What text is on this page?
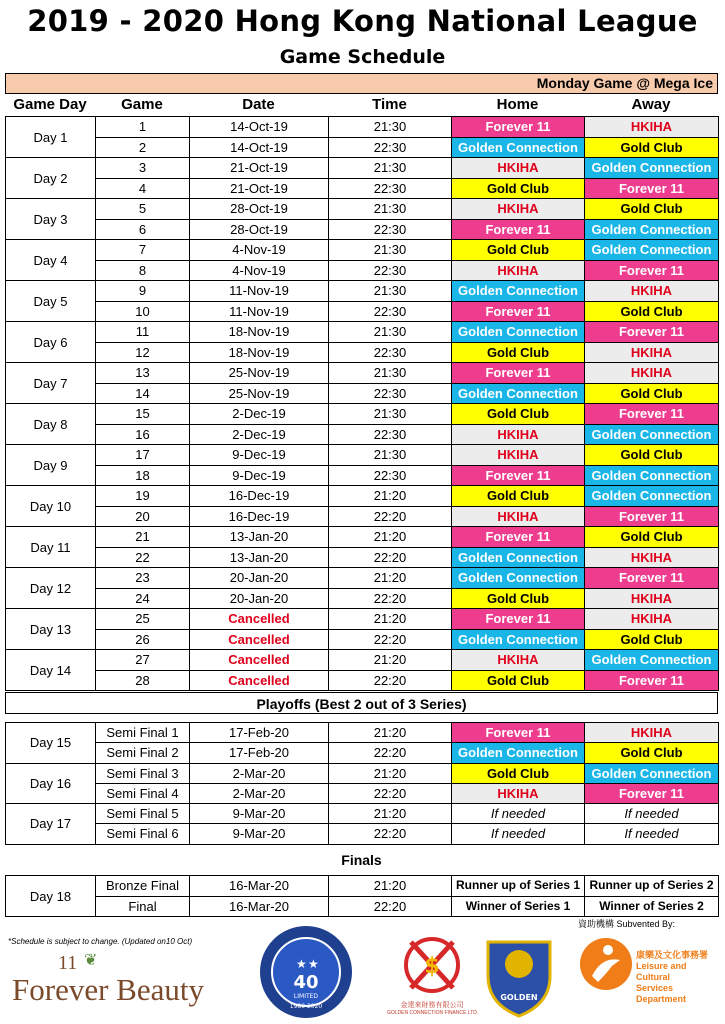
2019 - 2020 Hong Kong National League
Game Schedule
Monday Game @ Mega Ice
Game Day	Game	Date	Time	Home	Away
Day 1	1	14-Oct-19	21:30	Forever 11	HKIHA
	2	14-Oct-19	22:30	Golden Connection	Gold Club
Day 2	3	21-Oct-19	21:30	HKIHA	Golden Connection
	4	21-Oct-19	22:30	Gold Club	Forever 11
Day 3	5	28-Oct-19	21:30	HKIHA	Gold Club
	6	28-Oct-19	22:30	Forever 11	Golden Connection
Day 4	7	4-Nov-19	21:30	Gold Club	Golden Connection
	8	4-Nov-19	22:30	HKIHA	Forever 11
Day 5	9	11-Nov-19	21:30	Golden Connection	HKIHA
	10	11-Nov-19	22:30	Forever 11	Gold Club
Day 6	11	18-Nov-19	21:30	Golden Connection	Forever 11
	12	18-Nov-19	22:30	Gold Club	HKIHA
Day 7	13	25-Nov-19	21:30	Forever 11	HKIHA
	14	25-Nov-19	22:30	Golden Connection	Gold Club
Day 8	15	2-Dec-19	21:30	Gold Club	Forever 11
	16	2-Dec-19	22:30	HKIHA	Golden Connection
Day 9	17	9-Dec-19	21:30	HKIHA	Gold Club
	18	9-Dec-19	22:30	Forever 11	Golden Connection
Day 10	19	16-Dec-19	21:20	Gold Club	Golden Connection
	20	16-Dec-19	22:20	HKIHA	Forever 11
Day 11	21	13-Jan-20	21:20	Forever 11	Gold Club
	22	13-Jan-20	22:20	Golden Connection	HKIHA
Day 12	23	20-Jan-20	21:20	Golden Connection	Forever 11
	24	20-Jan-20	22:20	Gold Club	HKIHA
Day 13	25	Cancelled	21:20	Forever 11	HKIHA
	26	Cancelled	22:20	Golden Connection	Gold Club
Day 14	27	Cancelled	21:20	HKIHA	Golden Connection
	28	Cancelled	22:20	Gold Club	Forever 11
Playoffs (Best 2 out of 3 Series)
Day 15	Semi Final 1	17-Feb-20	21:20	Forever 11	HKIHA
	Semi Final 2	17-Feb-20	22:20	Golden Connection	Gold Club
Day 16	Semi Final 3	2-Mar-20	21:20	Gold Club	Golden Connection
	Semi Final 4	2-Mar-20	22:20	HKIHA	Forever 11
Day 17	Semi Final 5	9-Mar-20	21:20	If needed	If needed
	Semi Final 6	9-Mar-20	22:20	If needed	If needed
Finals
Day 18	Bronze Final	16-Mar-20	21:20	Runner up of Series 1	Runner up of Series 2
	Final	16-Mar-20	22:20	Winner of Series 1	Winner of Series 2
*Schedule is subject to change. (Updated on10 Oct)
資助機構 Subvented By:
11 ❦
Forever Beauty
★ ★
40
LIMITED
1980 2020
$
金達來財務有限公司
GOLDEN CONNECTION FINANCE LTD.
GOLDEN
康樂及文化事務署
Leisure and Cultural
Services Department
